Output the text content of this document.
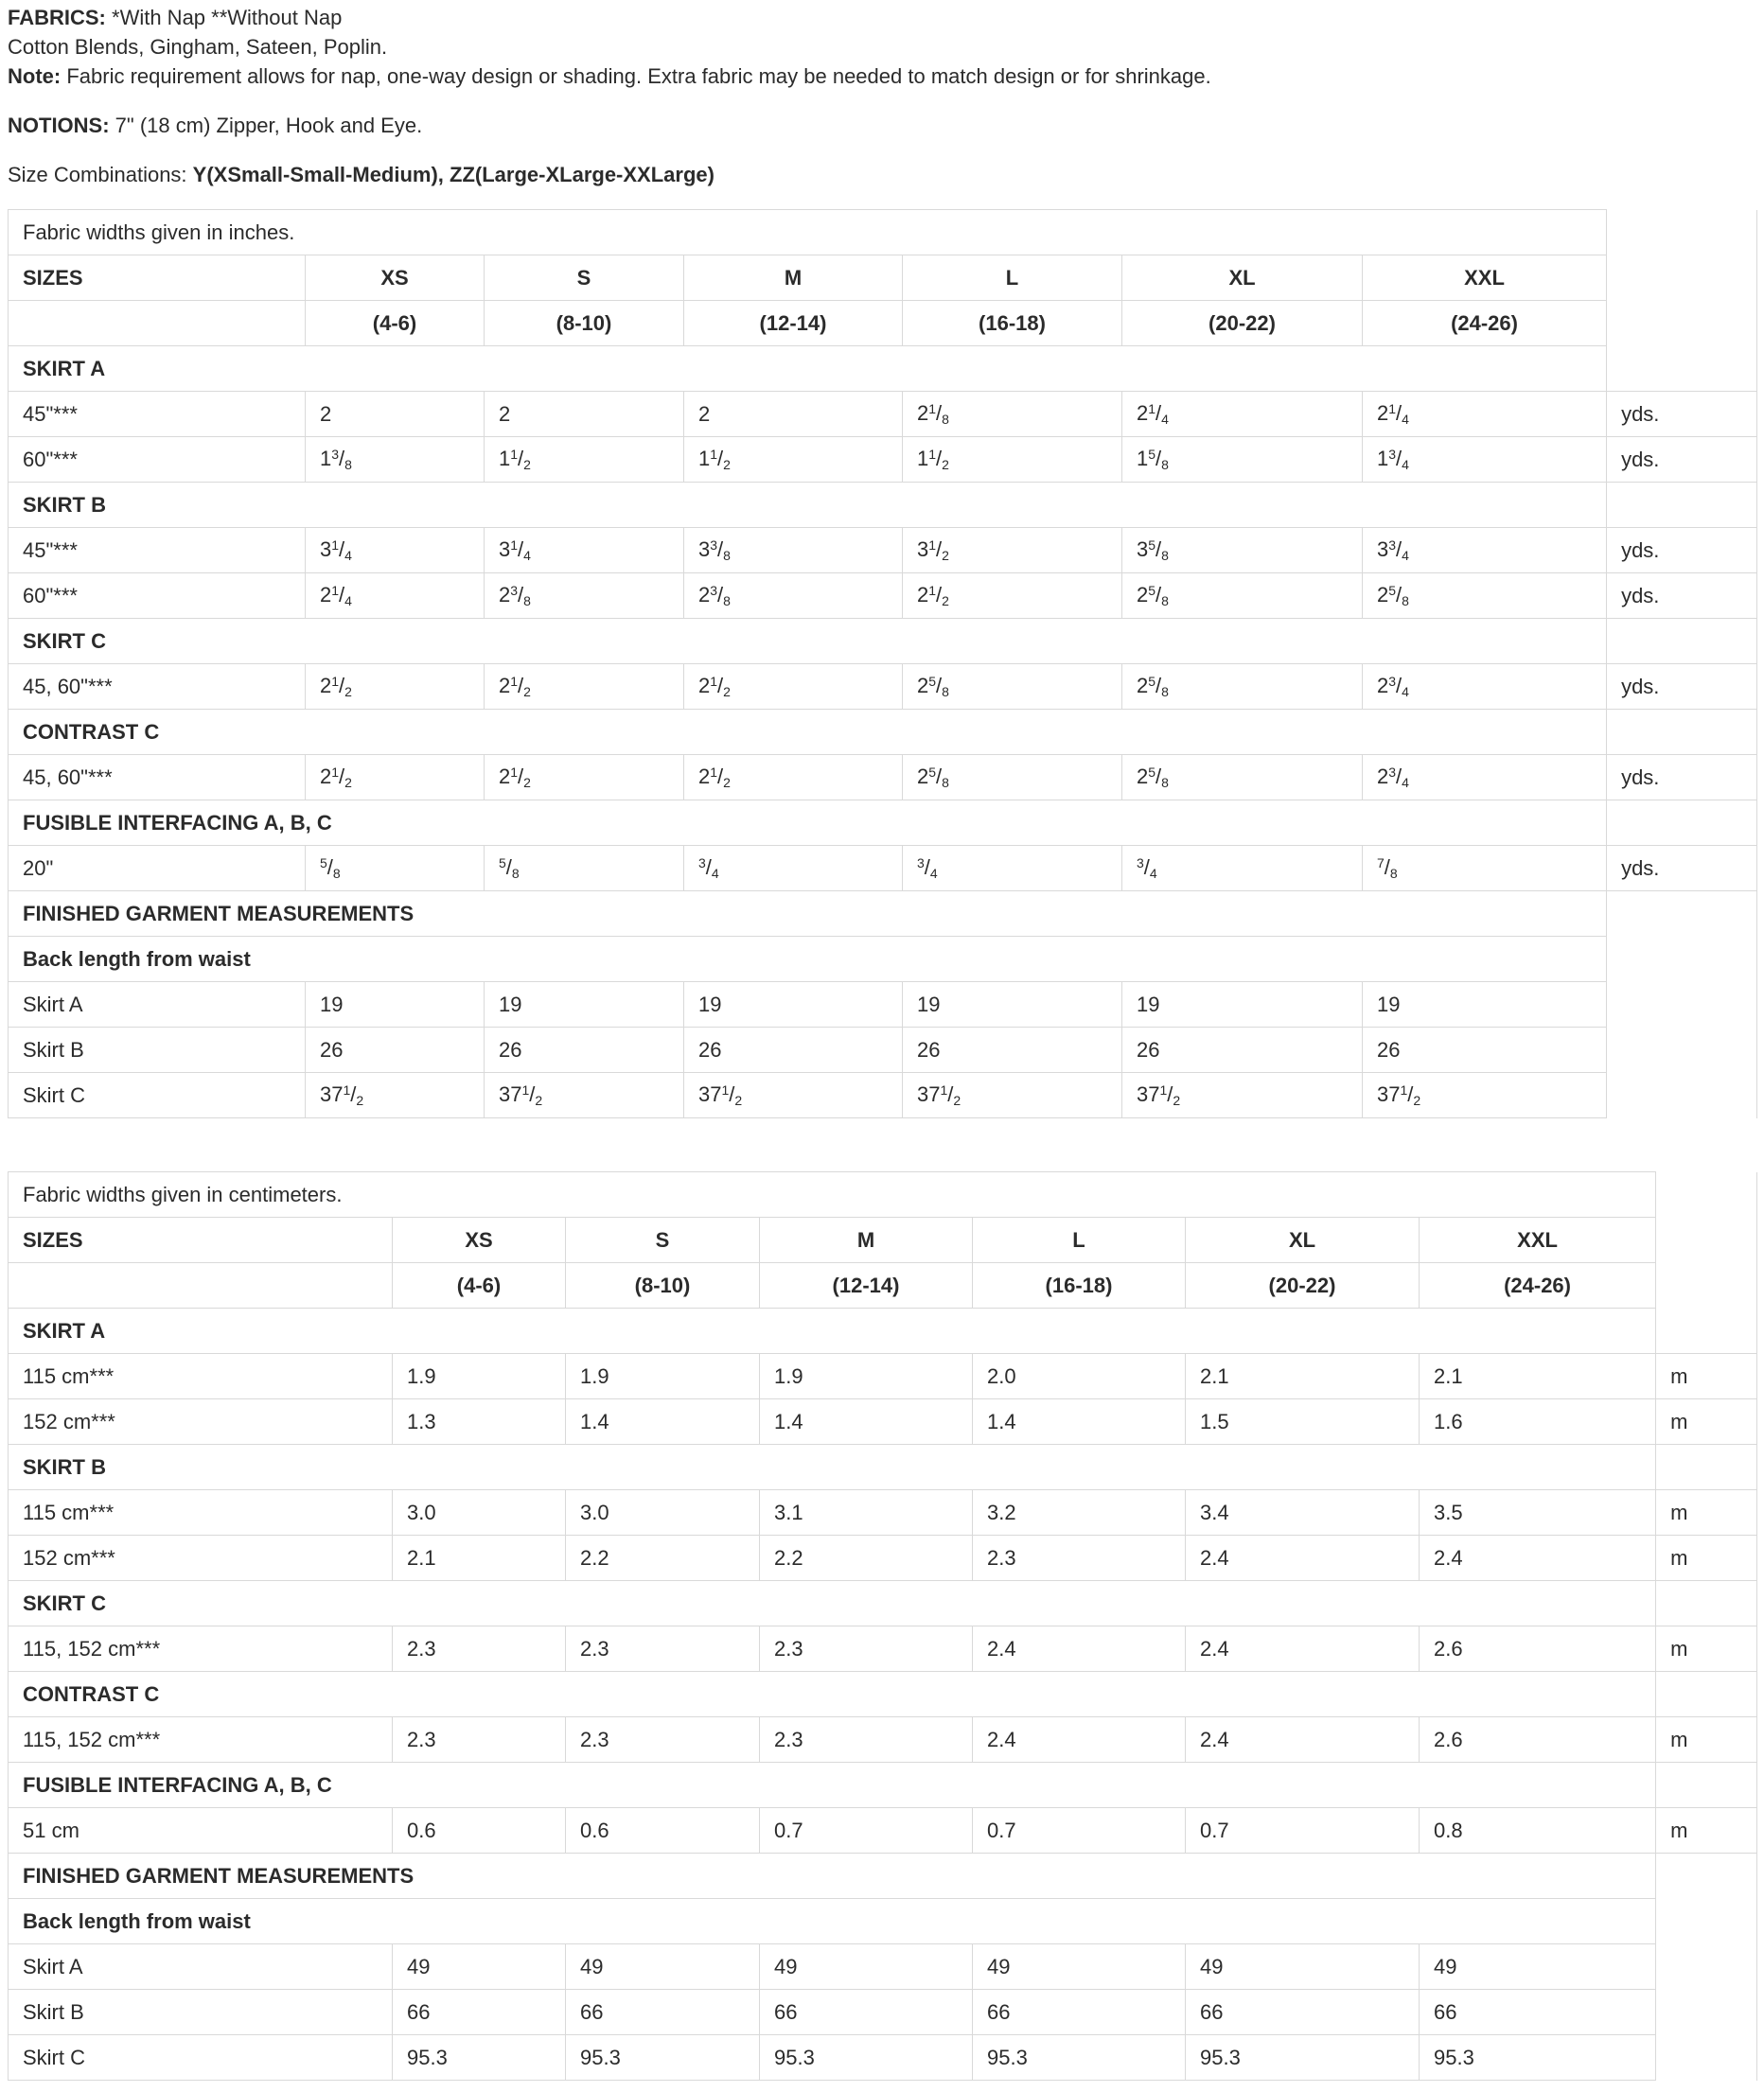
FABRICS: *With Nap **Without Nap

Cotton Blends, Gingham, Sateen, Poplin.

Note: Fabric requirement allows for nap, one-way design or shading. Extra fabric may be needed to match design or for shrinkage.

NOTIONS: 7" (18 cm) Zipper, Hook and Eye.

Size Combinations: Y(XSmall-Small-Medium), ZZ(Large-XLarge-XXLarge)

Fabric widths given in inches.							
SIZES	XS	S	M	L	XL	XXL	
	(4-6)	(8-10)	(12-14)	(16-18)	(20-22)	(24-26)	
SKIRT A							
45"***	2	2	2	$2^1/_8$	$2^1/_4$	$2^1/_4$	yds.
60"***	$1^3/_8$	$1^1/_2$	$1^1/_2$	$1^1/_2$	$1^5/_8$	$1^3/_4$	yds.
SKIRT B							
45"***	$3^1/_4$	$3^1/_4$	$3^3/_8$	$3^1/_2$	$3^5/_8$	$3^3/_4$	yds.
60"***	$2^1/_4$	$2^3/_8$	$2^3/_8$	$2^1/_2$	$2^5/_8$	$2^5/_8$	yds.
SKIRT C							
45, 60"***	$2^1/_2$	$2^1/_2$	$2^1/_2$	$2^5/_8$	$2^5/_8$	$2^3/_4$	yds.
CONTRAST C							
45, 60"***	$2^1/_2$	$2^1/_2$	$2^1/_2$	$2^5/_8$	$2^5/_8$	$2^3/_4$	yds.
FUSIBLE INTERFACING A, B, C							
20"	$^5/_8$	$^5/_8$	$^3/_4$	$^3/_4$	$^3/_4$	$^7/_8$	yds.
FINISHED GARMENT MEASUREMENTS							
Back length from waist							
Skirt A	19	19	19	19	19	19	
Skirt B	26	26	26	26	26	26	
Skirt C	$37^1/_2$	$37^1/_2$	$37^1/_2$	$37^1/_2$	$37^1/_2$	$37^1/_2$	
Fabric widths given in centimeters.							
SIZES	XS	S	M	L	XL	XXL	
	(4-6)	(8-10)	(12-14)	(16-18)	(20-22)	(24-26)	
SKIRT A							
115 cm***	1.9	1.9	1.9	2.0	2.1	2.1	m
152 cm***	1.3	1.4	1.4	1.4	1.5	1.6	m
SKIRT B							
115 cm***	3.0	3.0	3.1	3.2	3.4	3.5	m
152 cm***	2.1	2.2	2.2	2.3	2.4	2.4	m
SKIRT C							
115, 152 cm***	2.3	2.3	2.3	2.4	2.4	2.6	m
CONTRAST C							
115, 152 cm***	2.3	2.3	2.3	2.4	2.4	2.6	m
FUSIBLE INTERFACING A, B, C							
51 cm	0.6	0.6	0.7	0.7	0.7	0.8	m
FINISHED GARMENT MEASUREMENTS							
Back length from waist							
Skirt A	49	49	49	49	49	49	
Skirt B	66	66	66	66	66	66	
Skirt C	95.3	95.3	95.3	95.3	95.3	95.3	
